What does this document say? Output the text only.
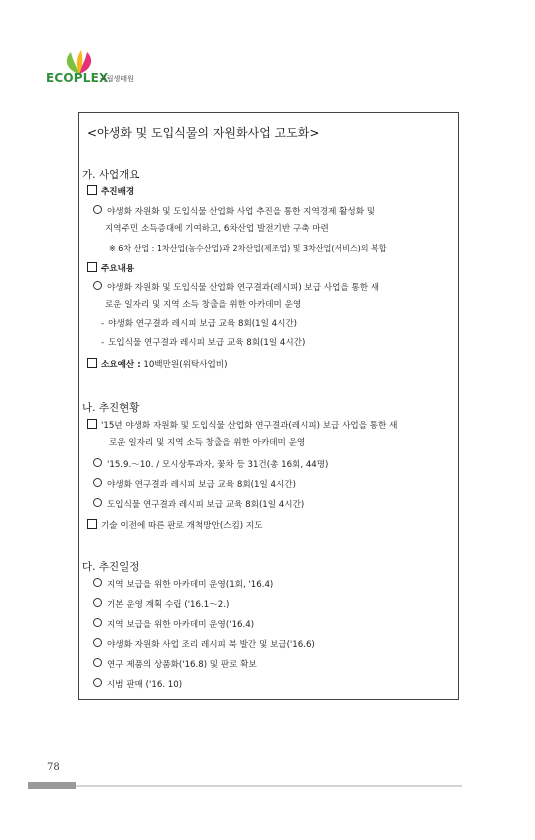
ECOPLEX
국립생태원
<야생화 및 도입식물의 자원화사업 고도화>
가. 사업개요
추진배경
야생화 자원화 및 도입식물 산업화 사업 추진을 통한 지역경제 활성화 및
지역주민 소득증대에 기여하고, 6차산업 발전기반 구축 마련
※ 6차 산업 : 1차산업(농수산업)과 2차산업(제조업) 및 3차산업(서비스)의 복합
주요내용
야생화 자원화 및 도입식물 산업화 연구결과(레시피) 보급 사업을 통한 새
로운 일자리 및 지역 소득 창출을 위한 아카데미 운영
- 야생화 연구결과 레시피 보급 교육 8회(1일 4시간)
- 도입식물 연구결과 레시피 보급 교육 8회(1일 4시간)
소요예산 : 10백만원(위탁사업비)
나. 추진현황
'15년 야생화 자원화 및 도입식물 산업화 연구결과(레시피) 보급 사업을 통한 새
로운 일자리 및 지역 소득 창출을 위한 아카데미 운영
'15.9.～10. / 모시상투과자, 꽃차 등 31건(총 16회, 44명)
야생화 연구결과 레시피 보급 교육 8회(1일 4시간)
도입식물 연구결과 레시피 보급 교육 8회(1일 4시간)
기술 이전에 따른 판로 개척방안(스킴) 지도
다. 추진일정
지역 보급을 위한 아카데미 운영(1회, '16.4)
기본 운영 계획 수립 ('16.1～2.)
지역 보급을 위한 아카데미 운영('16.4)
야생화 자원화 사업 조리 레시피 북 발간 및 보급('16.6)
연구 제품의 상품화('16.8) 및 판로 확보
시범 판매 ('16. 10)
78
